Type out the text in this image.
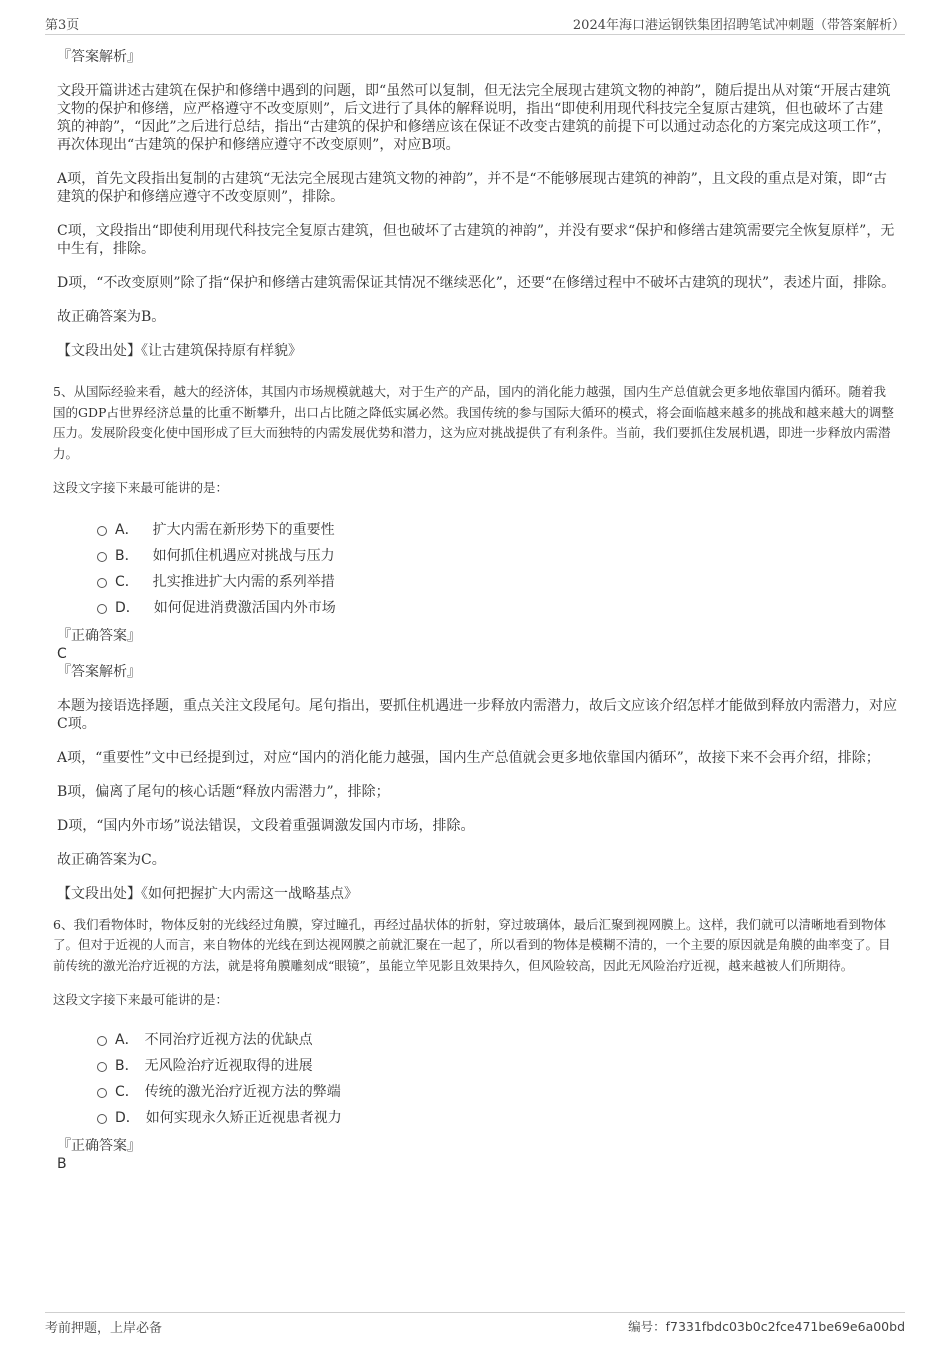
第3页	2024年海口港运钢铁集团招聘笔试冲刺题（带答案解析）
『答案解析』

文段开篇讲述古建筑在保护和修缮中遇到的问题，即“虽然可以复制，但无法完全展现古建筑文物的神韵”，随后提出从对策“开展古建筑文物的保护和修缮，应严格遵守不改变原则”，后文进行了具体的解释说明，指出“即使利用现代科技完全复原古建筑，但也破坏了古建筑的神韵”，“因此”之后进行总结，指出“古建筑的保护和修缮应该在保证不改变古建筑的前提下可以通过动态化的方案完成这项工作”，再次体现出“古建筑的保护和修缮应遵守不改变原则”，对应B项。

A项，首先文段指出复制的古建筑“无法完全展现古建筑文物的神韵”，并不是“不能够展现古建筑的神韵”，且文段的重点是对策，即“古建筑的保护和修缮应遵守不改变原则”，排除。

C项，文段指出“即使利用现代科技完全复原古建筑，但也破坏了古建筑的神韵”，并没有要求“保护和修缮古建筑需要完全恢复原样”，无中生有，排除。

D项，“不改变原则”除了指“保护和修缮古建筑需保证其情况不继续恶化”，还要“在修缮过程中不破坏古建筑的现状”，表述片面，排除。

故正确答案为B。

【文段出处】《让古建筑保持原有样貌》

5、从国际经验来看，越大的经济体，其国内市场规模就越大，对于生产的产品，国内的消化能力越强，国内生产总值就会更多地依靠国内循环。随着我国的GDP占世界经济总量的比重不断攀升，出口占比随之降低实属必然。我国传统的参与国际大循环的模式，将会面临越来越多的挑战和越来越大的调整压力。发展阶段变化使中国形成了巨大而独特的内需发展优势和潜力，这为应对挑战提供了有利条件。当前，我们要抓住发展机遇，即进一步释放内需潜力。

这段文字接下来最可能讲的是：

A． 扩大内需在新形势下的重要性
B． 如何抓住机遇应对挑战与压力
C． 扎实推进扩大内需的系列举措
D． 如何促进消费激活国内外市场
『正确答案』
C
『答案解析』

本题为接语选择题，重点关注文段尾句。尾句指出，要抓住机遇进一步释放内需潜力，故后文应该介绍怎样才能做到释放内需潜力，对应C项。

A项，“重要性”文中已经提到过，对应“国内的消化能力越强，国内生产总值就会更多地依靠国内循环”，故接下来不会再介绍，排除；

B项，偏离了尾句的核心话题“释放内需潜力”，排除；

D项，“国内外市场”说法错误，文段着重强调激发国内市场，排除。

故正确答案为C。

【文段出处】《如何把握扩大内需这一战略基点》

6、我们看物体时，物体反射的光线经过角膜，穿过瞳孔，再经过晶状体的折射，穿过玻璃体，最后汇聚到视网膜上。这样，我们就可以清晰地看到物体了。但对于近视的人而言，来自物体的光线在到达视网膜之前就汇聚在一起了，所以看到的物体是模糊不清的，一个主要的原因就是角膜的曲率变了。目前传统的激光治疗近视的方法，就是将角膜雕刻成“眼镜”，虽能立竿见影且效果持久，但风险较高，因此无风险治疗近视，越来越被人们所期待。

这段文字接下来最可能讲的是：

A． 不同治疗近视方法的优缺点
B． 无风险治疗近视取得的进展
C． 传统的激光治疗近视方法的弊端
D． 如何实现永久矫正近视患者视力
『正确答案』
B
考前押题，上岸必备	编号：f7331fbdc03b0c2fce471be69e6a00bd
